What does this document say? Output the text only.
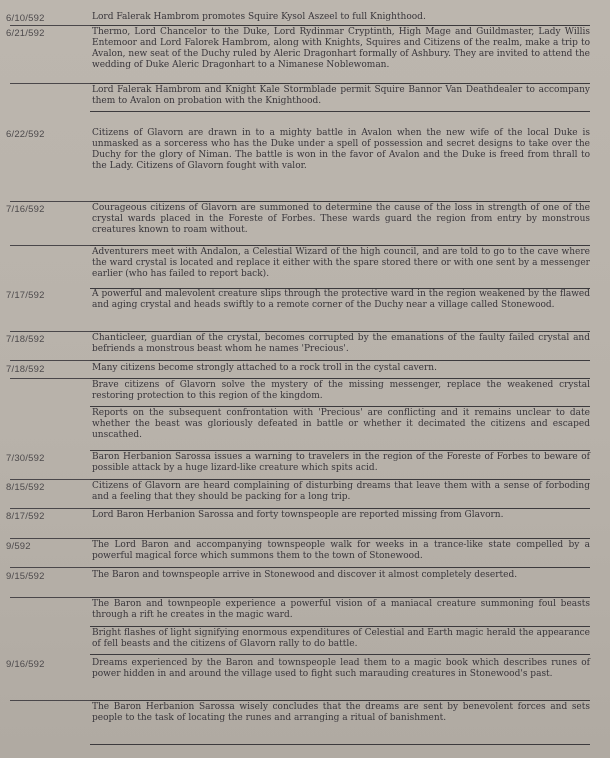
6/10/592	Lord Falerak Hambrom promotes Squire Kysol Aszeel to full Knighthood.
6/21/592	Thermo, Lord Chancelor to the Duke, Lord Rydinmar Cryptinth, High Mage and Guildmaster, Lady Willis Entemoor and Lord Falorek Hambrom, along with Knights, Squires and Citizens of the realm, make a trip to Avalon, new seat of the Duchy ruled by Aleric Dragonhart formally of Ashbury. They are invited to attend the wedding of Duke Aleric Dragonhart to a Nimanese Noblewoman.
Lord Falerak Hambrom and Knight Kale Stormblade permit Squire Bannor Van Deathdealer to accompany them to Avalon on probation with the Knighthood.
6/22/592	Citizens of Glavorn are drawn in to a mighty battle in Avalon when the new wife of the local Duke is unmasked as a sorceress who has the Duke under a spell of possession and secret designs to take over the Duchy for the glory of Niman. The battle is won in the favor of Avalon and the Duke is freed from thrall to the Lady. Citizens of Glavorn fought with valor.
7/16/592	Courageous citizens of Glavorn are summoned to determine the cause of the loss in strength of one of the crystal wards placed in the Foreste of Forbes. These wards guard the region from entry by monstrous creatures known to roam without.
Adventurers meet with Andalon, a Celestial Wizard of the high council, and are told to go to the cave where the ward crystal is located and replace it either with the spare stored there or with one sent by a messenger earlier (who has failed to report back).
7/17/592	A powerful and malevolent creature slips through the protective ward in the region weakened by the flawed and aging crystal and heads swiftly to a remote corner of the Duchy near a village called Stonewood.
7/18/592	Chanticleer, guardian of the crystal, becomes corrupted by the emanations of the faulty failed crystal and befriends a monstrous beast whom he names 'Precious'.
7/18/592	Many citizens become strongly attached to a rock troll in the cystal cavern.
Brave citizens of Glavorn solve the mystery of the missing messenger, replace the weakened crystal restoring protection to this region of the kingdom.
Reports on the subsequent confrontation with 'Precious' are conflicting and it remains unclear to date whether the beast was gloriously defeated in battle or whether it decimated the citizens and escaped unscathed.
7/30/592	Baron Herbanion Sarossa issues a warning to travelers in the region of the Foreste of Forbes to beware of possible attack by a huge lizard-like creature which spits acid.
8/15/592	Citizens of Glavorn are heard complaining of disturbing dreams that leave them with a sense of forboding and a feeling that they should be packing for a long trip.
8/17/592	Lord Baron Herbanion Sarossa and forty townspeople are reported missing from Glavorn.
9/592	The Lord Baron and accompanying townspeople walk for weeks in a trance-like state compelled by a powerful magical force which summons them to the town of Stonewood.
9/15/592	The Baron and townspeople arrive in Stonewood and discover it almost completely deserted.
The Baron and townpeople experience a powerful vision of a maniacal creature summoning foul beasts through a rift he creates in the magic ward.
Bright flashes of light signifying enormous expenditures of Celestial and Earth magic herald the appearance of fell beasts and the citizens of Glavorn rally to do battle.
9/16/592	Dreams experienced by the Baron and townspeople lead them to a magic book which describes runes of power hidden in and around the village used to fight such marauding creatures in Stonewood's past.
The Baron Herbanion Sarossa wisely concludes that the dreams are sent by benevolent forces and sets people to the task of locating the runes and arranging a ritual of banishment.
